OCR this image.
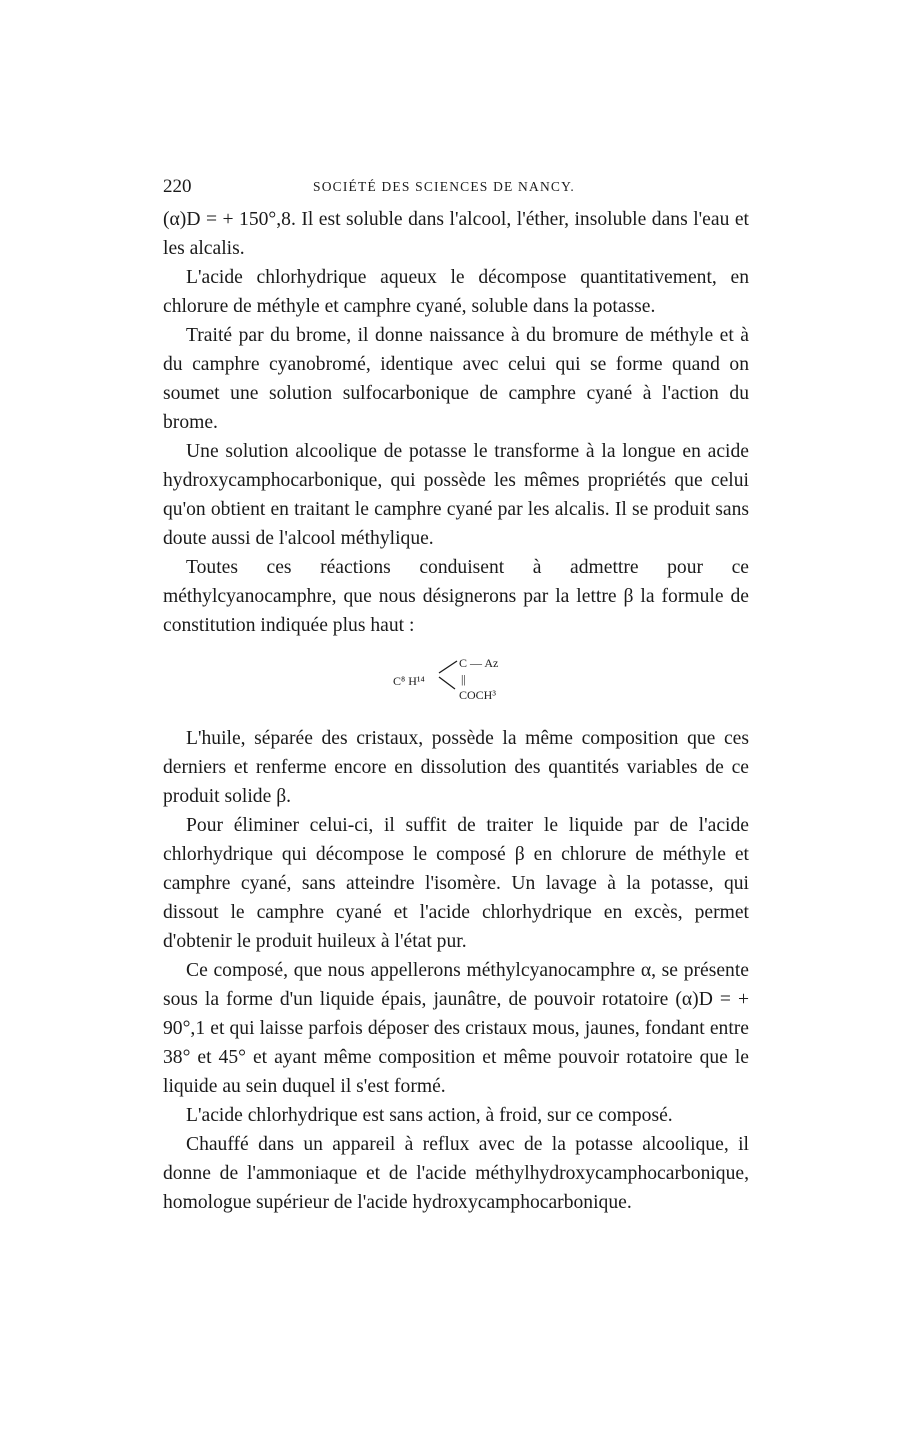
220	SOCIÉTÉ DES SCIENCES DE NANCY.

(α)D = + 150°,8. Il est soluble dans l'alcool, l'éther, insoluble dans l'eau et les alcalis.

L'acide chlorhydrique aqueux le décompose quantitativement, en chlorure de méthyle et camphre cyané, soluble dans la potasse.

Traité par du brome, il donne naissance à du bromure de méthyle et à du camphre cyanobromé, identique avec celui qui se forme quand on soumet une solution sulfocarbonique de camphre cyané à l'action du brome.

Une solution alcoolique de potasse le transforme à la longue en acide hydroxycamphocarbonique, qui possède les mêmes propriétés que celui qu'on obtient en traitant le camphre cyané par les alcalis. Il se produit sans doute aussi de l'alcool méthylique.

Toutes ces réactions conduisent à admettre pour ce méthylcyanocamphre, que nous désignerons par la lettre β la formule de constitution indiquée plus haut :

C⁸ H¹⁴
C — Az
||
COCH³

L'huile, séparée des cristaux, possède la même composition que ces derniers et renferme encore en dissolution des quantités variables de ce produit solide β.

Pour éliminer celui-ci, il suffit de traiter le liquide par de l'acide chlorhydrique qui décompose le composé β en chlorure de méthyle et camphre cyané, sans atteindre l'isomère. Un lavage à la potasse, qui dissout le camphre cyané et l'acide chlorhydrique en excès, permet d'obtenir le produit huileux à l'état pur.

Ce composé, que nous appellerons méthylcyanocamphre α, se présente sous la forme d'un liquide épais, jaunâtre, de pouvoir rotatoire (α)D = + 90°,1 et qui laisse parfois déposer des cristaux mous, jaunes, fondant entre 38° et 45° et ayant même composition et même pouvoir rotatoire que le liquide au sein duquel il s'est formé.

L'acide chlorhydrique est sans action, à froid, sur ce composé.

Chauffé dans un appareil à reflux avec de la potasse alcoolique, il donne de l'ammoniaque et de l'acide méthylhydroxycamphocarbonique, homologue supérieur de l'acide hydroxycamphocarbonique.
